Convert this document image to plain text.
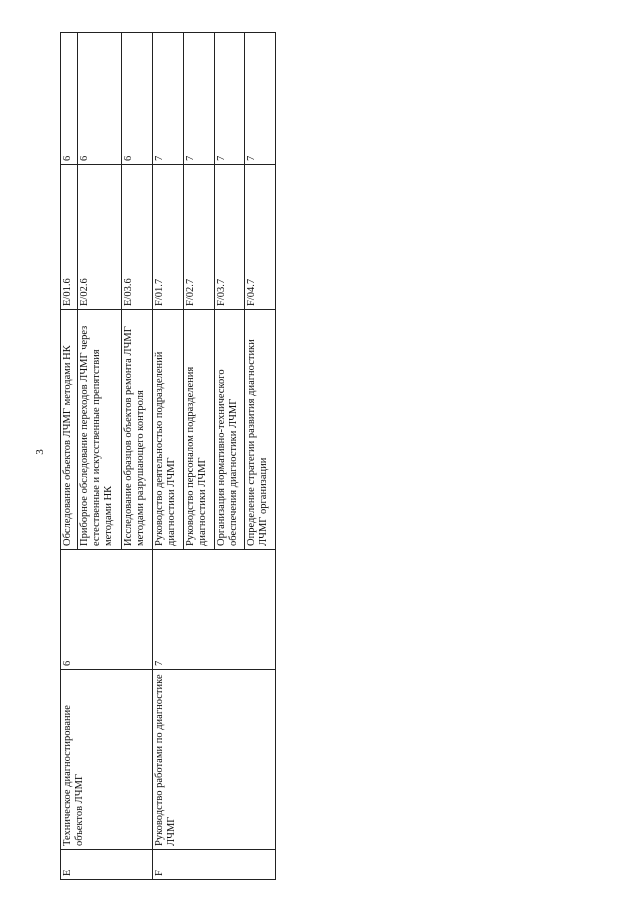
3
E	Техническое диагностирование объектов ЛЧМГ	6	Обследование объектов ЛЧМГ методами НК	E/01.6	6
			Приборное обследование переходов ЛЧМГ через естественные и искусственные препятствия методами НК	E/02.6	6
			Исследование образцов объектов ремонта ЛЧМГ методами разрушающего контроля	E/03.6	6
F	Руководство работами по диагностике ЛЧМГ	7	Руководство деятельностью подразделений диагностики ЛЧМГ	F/01.7	7
			Руководство персоналом подразделения диагностики ЛЧМГ	F/02.7	7
			Организация нормативно-технического обеспечения диагностики ЛЧМГ	F/03.7	7
			Определение стратегии развития диагностики ЛЧМГ организации	F/04.7	7
